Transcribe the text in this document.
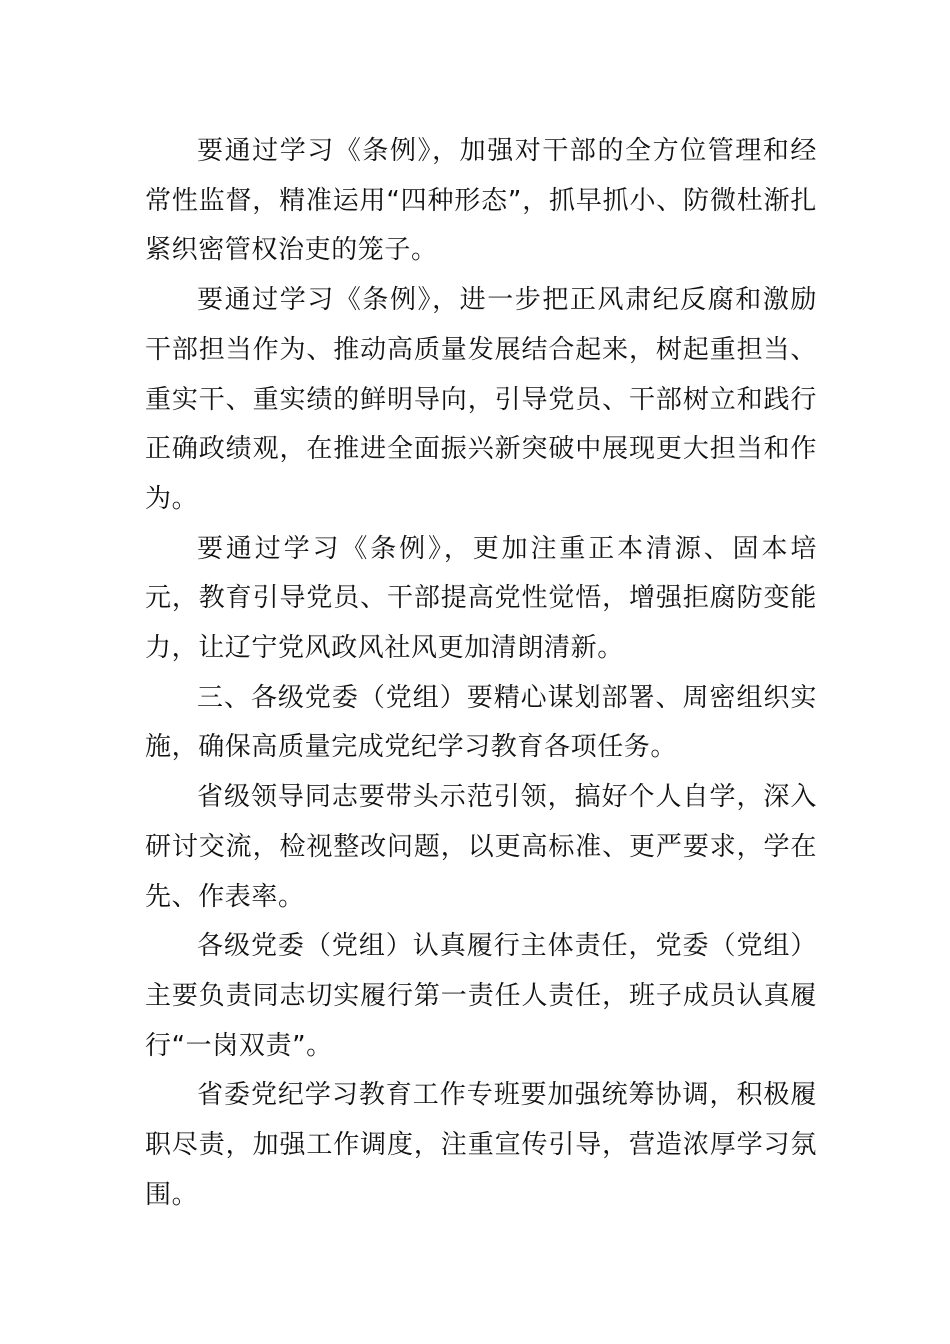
要通过学习《条例》，加强对干部的全方位管理和经常性监督，精准运用“四种形态”，抓早抓小、防微杜渐扎紧织密管权治吏的笼子。

要通过学习《条例》，进一步把正风肃纪反腐和激励干部担当作为、推动高质量发展结合起来，树起重担当、重实干、重实绩的鲜明导向，引导党员、干部树立和践行正确政绩观，在推进全面振兴新突破中展现更大担当和作为。

要通过学习《条例》，更加注重正本清源、固本培元，教育引导党员、干部提高党性觉悟，增强拒腐防变能力，让辽宁党风政风社风更加清朗清新。

三、各级党委（党组）要精心谋划部署、周密组织实施，确保高质量完成党纪学习教育各项任务。

省级领导同志要带头示范引领，搞好个人自学，深入研讨交流，检视整改问题，以更高标准、更严要求，学在先、作表率。

各级党委（党组）认真履行主体责任，党委（党组）主要负责同志切实履行第一责任人责任，班子成员认真履行“一岗双责”。

省委党纪学习教育工作专班要加强统筹协调，积极履职尽责，加强工作调度，注重宣传引导，营造浓厚学习氛围。
